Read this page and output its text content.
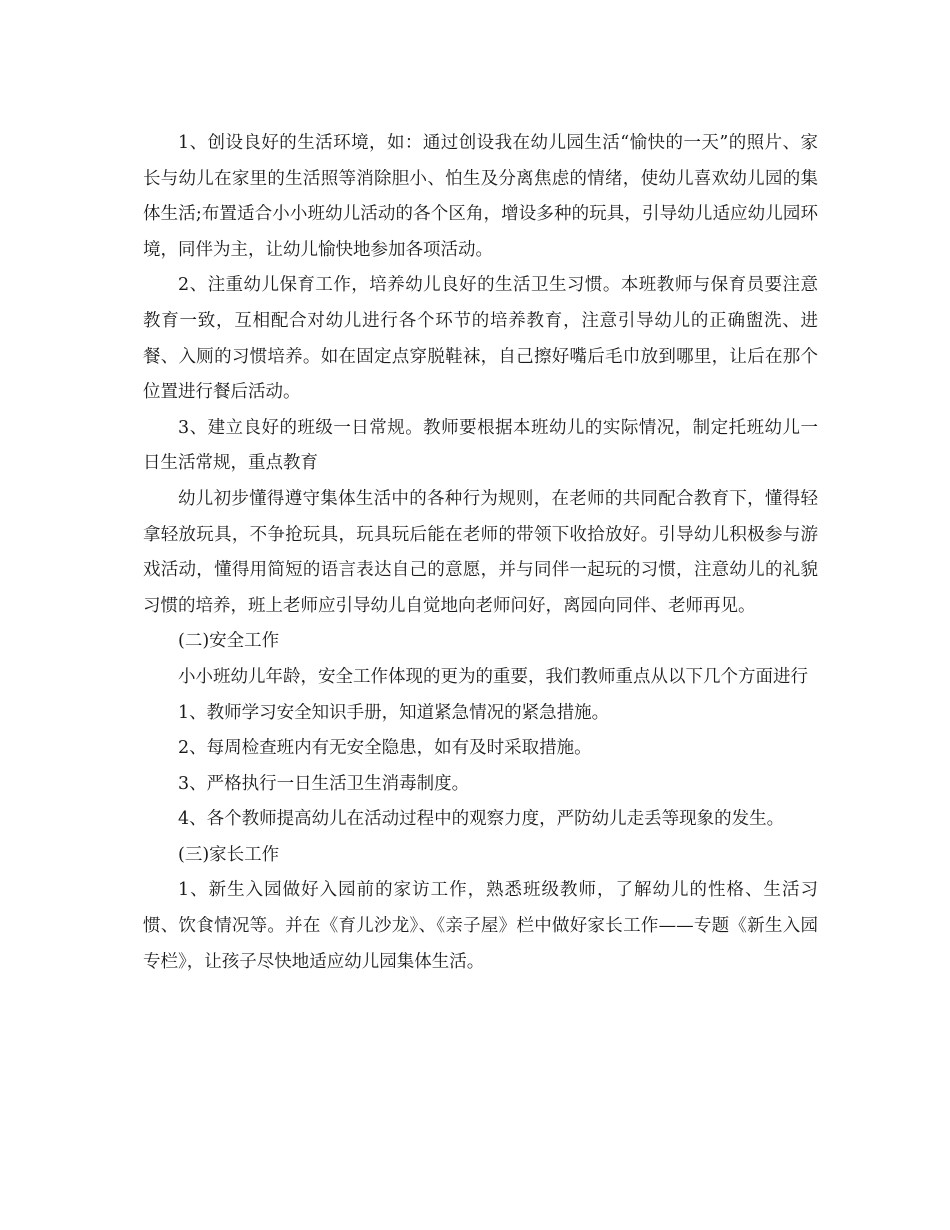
1、创设良好的生活环境，如：通过创设我在幼儿园生活“愉快的一天”的照片、家长与幼儿在家里的生活照等消除胆小、怕生及分离焦虑的情绪，使幼儿喜欢幼儿园的集体生活;布置适合小小班幼儿活动的各个区角，增设多种的玩具，引导幼儿适应幼儿园环境，同伴为主，让幼儿愉快地参加各项活动。

2、注重幼儿保育工作，培养幼儿良好的生活卫生习惯。本班教师与保育员要注意教育一致，互相配合对幼儿进行各个环节的培养教育，注意引导幼儿的正确盥洗、进餐、入厕的习惯培养。如在固定点穿脱鞋袜，自己擦好嘴后毛巾放到哪里，让后在那个位置进行餐后活动。

3、建立良好的班级一日常规。教师要根据本班幼儿的实际情况，制定托班幼儿一日生活常规，重点教育

幼儿初步懂得遵守集体生活中的各种行为规则，在老师的共同配合教育下，懂得轻拿轻放玩具，不争抢玩具，玩具玩后能在老师的带领下收拾放好。引导幼儿积极参与游戏活动，懂得用简短的语言表达自己的意愿，并与同伴一起玩的习惯，注意幼儿的礼貌习惯的培养，班上老师应引导幼儿自觉地向老师问好，离园向同伴、老师再见。

(二)安全工作

小小班幼儿年龄，安全工作体现的更为的重要，我们教师重点从以下几个方面进行

1、教师学习安全知识手册，知道紧急情况的紧急措施。

2、每周检查班内有无安全隐患，如有及时采取措施。

3、严格执行一日生活卫生消毒制度。

4、各个教师提高幼儿在活动过程中的观察力度，严防幼儿走丢等现象的发生。

(三)家长工作

1、新生入园做好入园前的家访工作，熟悉班级教师，了解幼儿的性格、生活习惯、饮食情况等。并在《育儿沙龙》、《亲子屋》栏中做好家长工作——专题《新生入园专栏》，让孩子尽快地适应幼儿园集体生活。
